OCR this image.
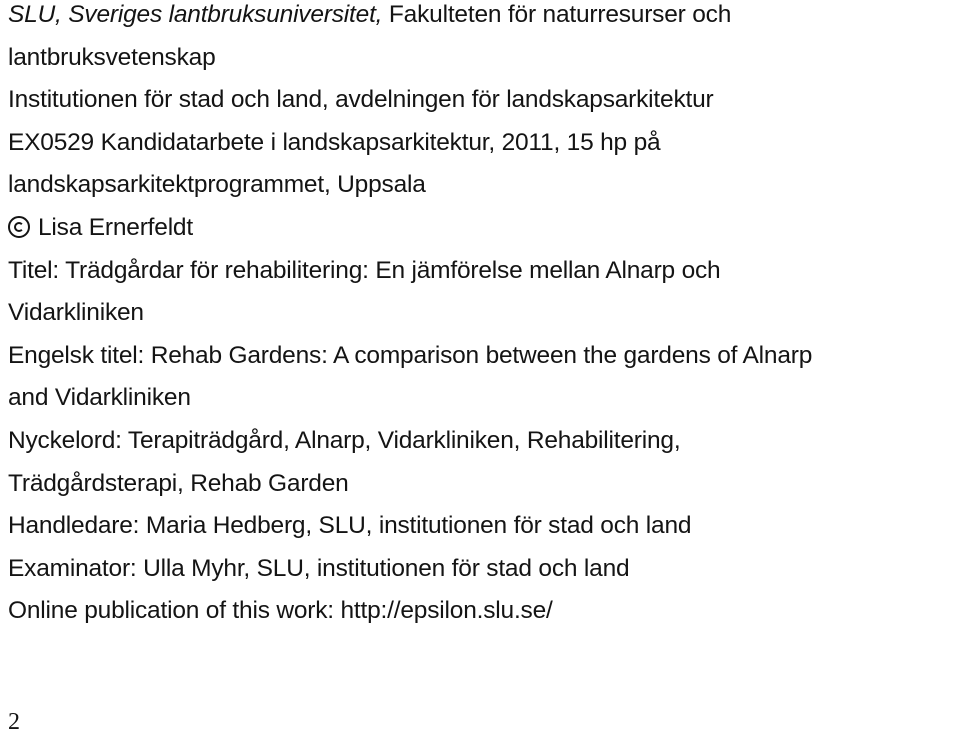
SLU, Sveriges lantbruksuniversitet, Fakulteten för naturresurser och
lantbruksvetenskap
Institutionen för stad och land, avdelningen för landskapsarkitektur
EX0529 Kandidatarbete i landskapsarkitektur, 2011, 15 hp på
landskapsarkitektprogrammet, Uppsala
Lisa Ernerfeldt
Titel: Trädgårdar för rehabilitering: En jämförelse mellan Alnarp och
Vidarkliniken
Engelsk titel: Rehab Gardens: A comparison between the gardens of Alnarp
and Vidarkliniken
Nyckelord: Terapiträdgård, Alnarp, Vidarkliniken, Rehabilitering,
Trädgårdsterapi, Rehab Garden
Handledare: Maria Hedberg, SLU, institutionen för stad och land
Examinator: Ulla Myhr, SLU, institutionen för stad och land
Online publication of this work: http://epsilon.slu.se/
2
